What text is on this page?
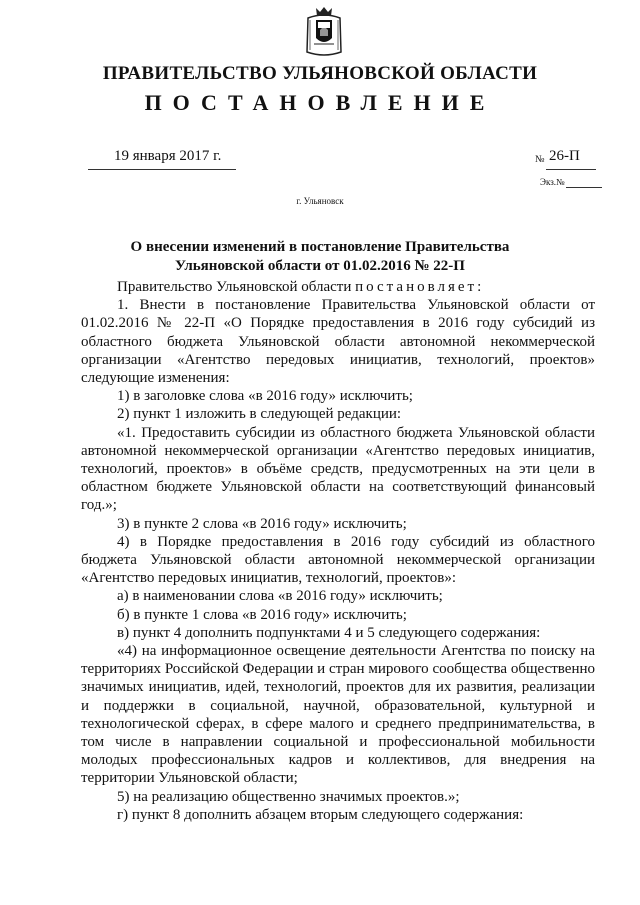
ПРАВИТЕЛЬСТВО УЛЬЯНОВСКОЙ ОБЛАСТИ
ПОСТАНОВЛЕНИЕ
19 января 2017 г.	№ 26-П
Экз.№
г. Ульяновск
О внесении изменений в постановление Правительства Ульяновской области от 01.02.2016 № 22-П

Правительство Ульяновской области постановляет:

1. Внести в постановление Правительства Ульяновской области от 01.02.2016 № 22-П «О Порядке предоставления в 2016 году субсидий из областного бюджета Ульяновской области автономной некоммерческой организации «Агентство передовых инициатив, технологий, проектов» следующие изменения:

1) в заголовке слова «в 2016 году» исключить;

2) пункт 1 изложить в следующей редакции:

«1. Предоставить субсидии из областного бюджета Ульяновской области автономной некоммерческой организации «Агентство передовых инициатив, технологий, проектов» в объёме средств, предусмотренных на эти цели в областном бюджете Ульяновской области на соответствующий финансовый год.»;

3) в пункте 2 слова «в 2016 году» исключить;

4) в Порядке предоставления в 2016 году субсидий из областного бюджета Ульяновской области автономной некоммерческой организации «Агентство передовых инициатив, технологий, проектов»:

а) в наименовании слова «в 2016 году» исключить;

б) в пункте 1 слова «в 2016 году» исключить;

в) пункт 4 дополнить подпунктами 4 и 5 следующего содержания:

«4) на информационное освещение деятельности Агентства по поиску на территориях Российской Федерации и стран мирового сообщества общественно значимых инициатив, идей, технологий, проектов для их развития, реализации и поддержки в социальной, научной, образовательной, культурной и технологической сферах, в сфере малого и среднего предпринимательства, в том числе в направлении социальной и профессиональной мобильности молодых профессиональных кадров и коллективов, для внедрения на территории Ульяновской области;

5) на реализацию общественно значимых проектов.»;

г) пункт 8 дополнить абзацем вторым следующего содержания:
